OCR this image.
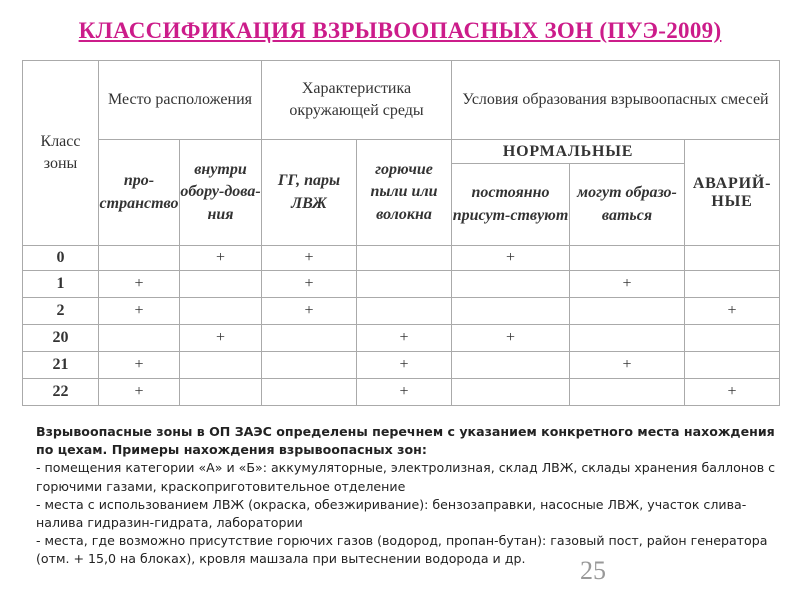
КЛАССИФИКАЦИЯ ВЗРЫВООПАСНЫХ ЗОН (ПУЭ-2009)
Класс зоны	Место расположения		Характеристика окружающей среды		Условия образования взрывоопасных смесей		
	про-странство	внутри обору-дова-ния	ГГ, пары ЛВЖ	горючие пыли или волокна	НОРМАЛЬНЫЕ		АВАРИЙ-НЫЕ
					постоянно присут-ствуют	могут образо-ваться	
0		+	+		+		
1	+		+			+	
2	+		+				+
20		+		+	+		
21	+			+		+	
22	+			+			+
Взрывоопасные зоны в ОП ЗАЭС определены перечнем с указанием конкретного места нахождения по цехам. Примеры нахождения взрывоопасных зон:
- помещения категории «А» и «Б»: аккумуляторные, электролизная, склад ЛВЖ, склады хранения баллонов с горючими газами, краскоприготовительное отделение
- места с использованием ЛВЖ (окраска, обезжиривание): бензозаправки, насосные ЛВЖ, участок слива-налива гидразин-гидрата, лаборатории
- места, где возможно присутствие горючих газов (водород, пропан-бутан): газовый пост, район генератора (отм. + 15,0 на блоках), кровля машзала при вытеснении водорода и др.	25
